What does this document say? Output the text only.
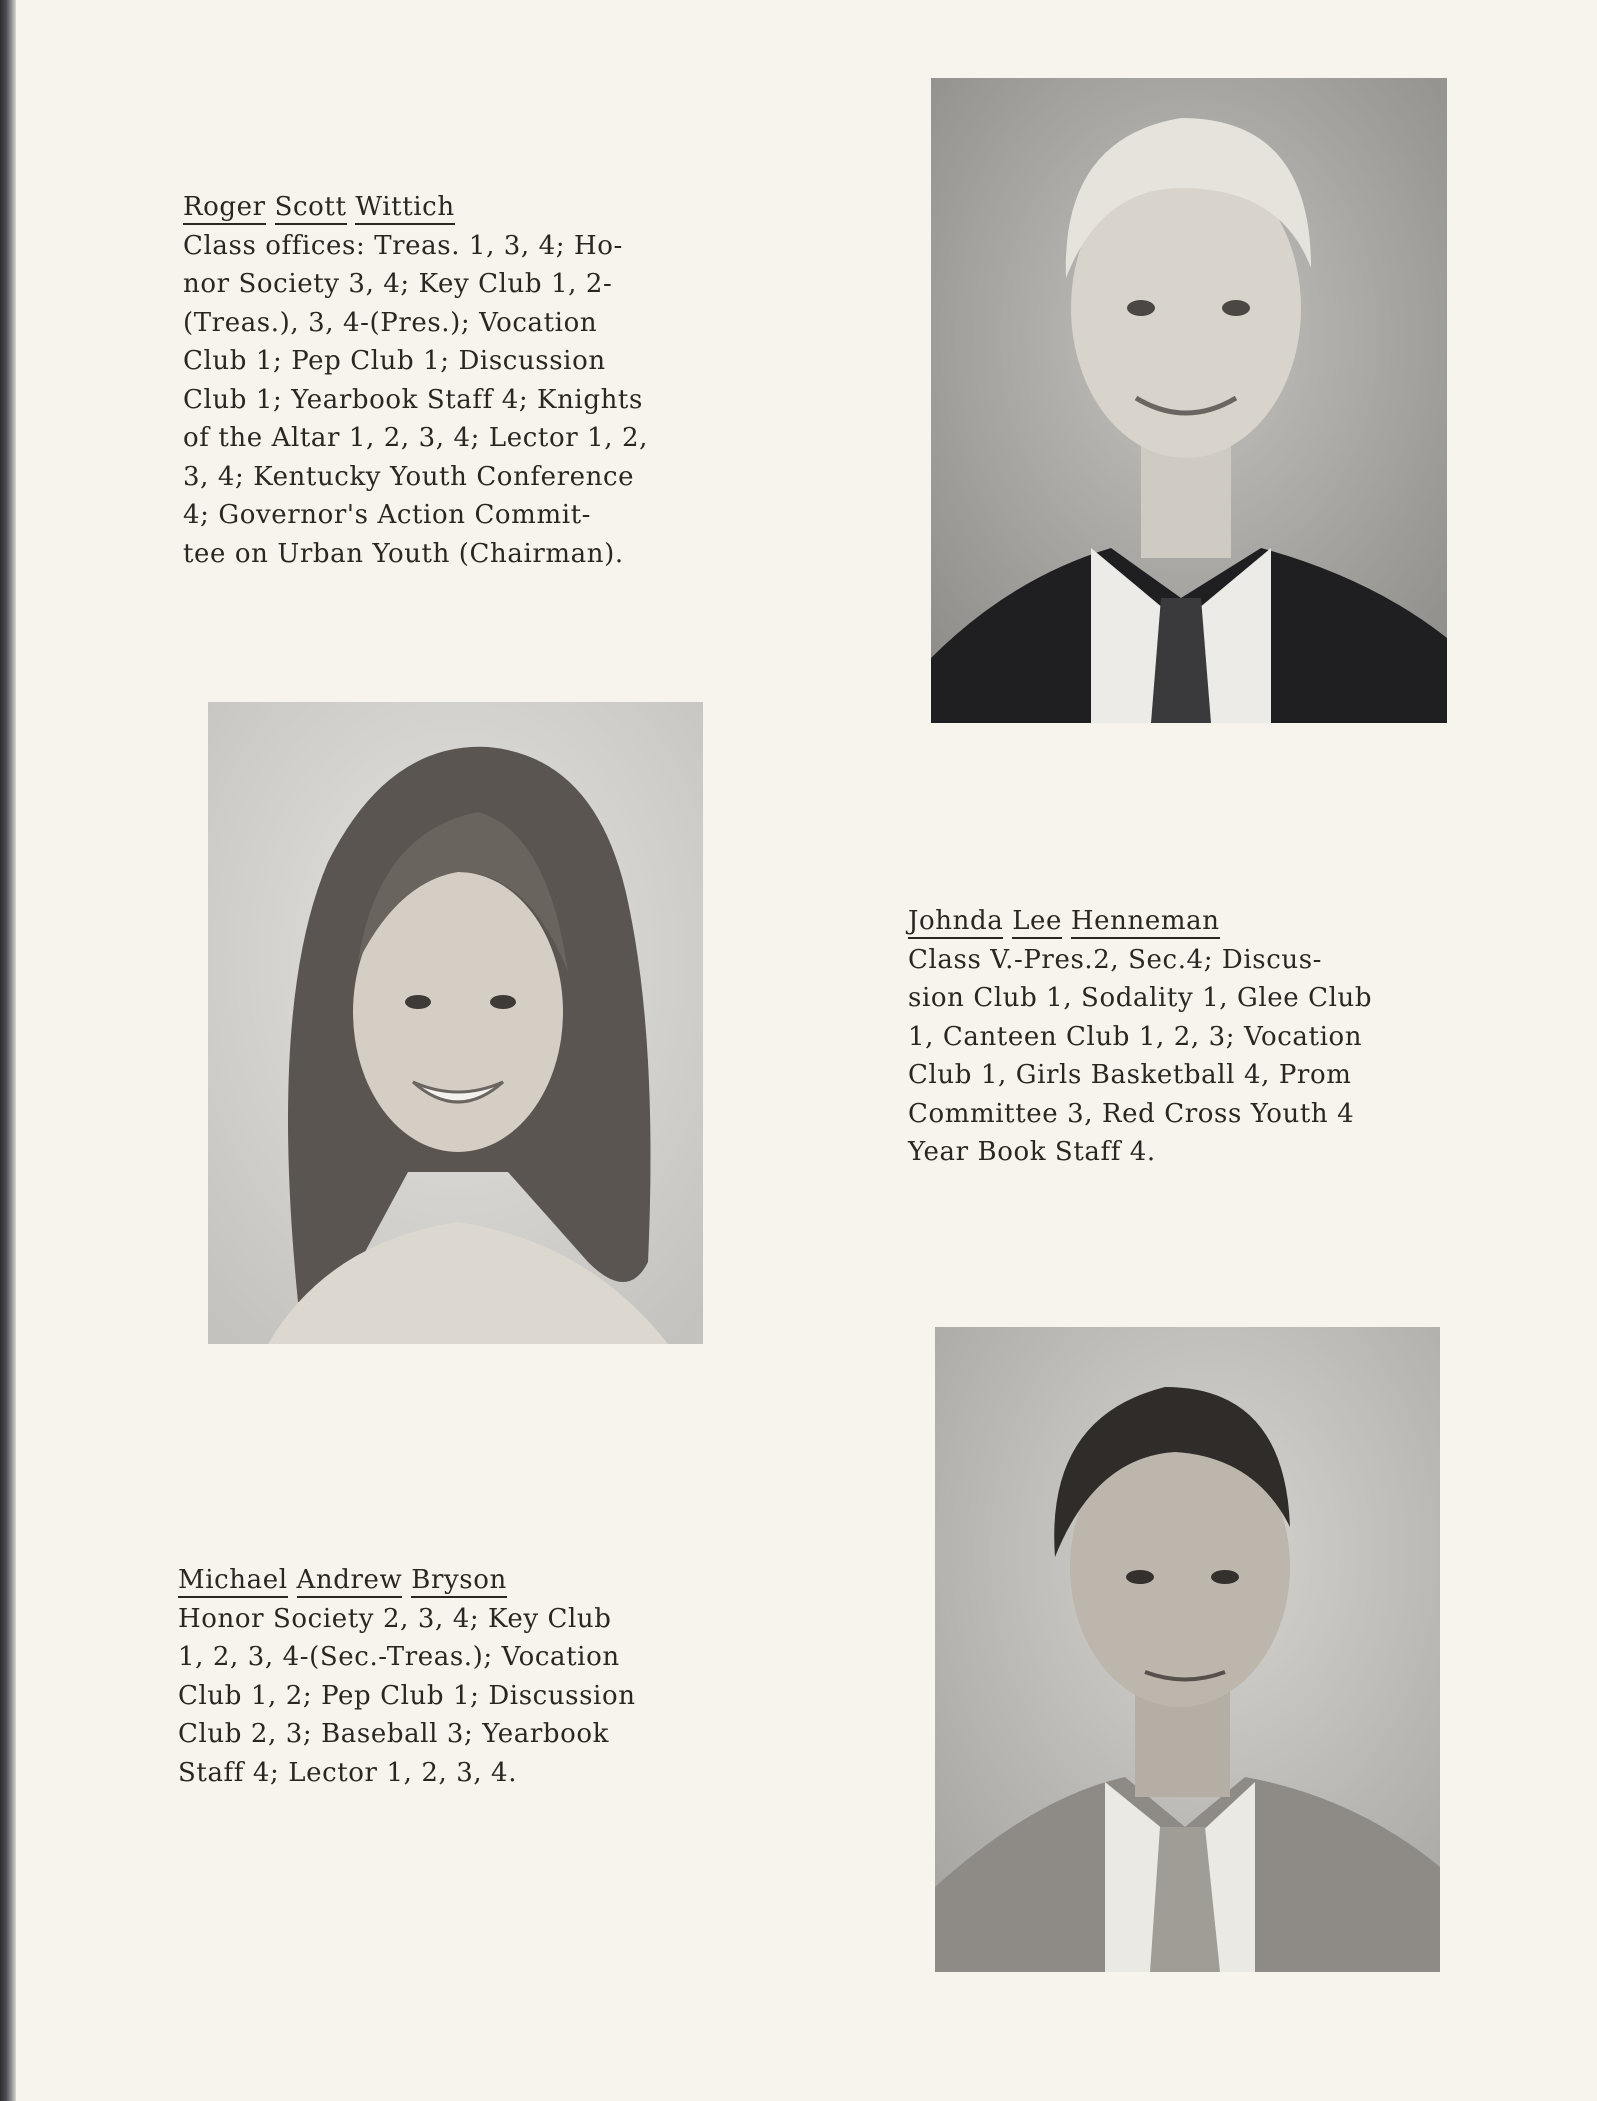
Roger Scott Wittich
Class offices: Treas. 1, 3, 4; Ho-
nor Society 3, 4; Key Club 1, 2-
(Treas.), 3, 4-(Pres.); Vocation
Club 1; Pep Club 1; Discussion
Club 1; Yearbook Staff 4; Knights
of the Altar 1, 2, 3, 4; Lector 1, 2,
3, 4; Kentucky Youth Conference
4; Governor's Action Commit-
tee on Urban Youth (Chairman).
Johnda Lee Henneman
Class V.-Pres.2, Sec.4; Discus-
sion Club 1, Sodality 1, Glee Club
1, Canteen Club 1, 2, 3; Vocation
Club 1, Girls Basketball 4, Prom
Committee 3, Red Cross Youth 4
Year Book Staff 4.
Michael Andrew Bryson
Honor Society 2, 3, 4; Key Club
1, 2, 3, 4-(Sec.-Treas.); Vocation
Club 1, 2; Pep Club 1; Discussion
Club 2, 3; Baseball 3; Yearbook
Staff 4; Lector 1, 2, 3, 4.
